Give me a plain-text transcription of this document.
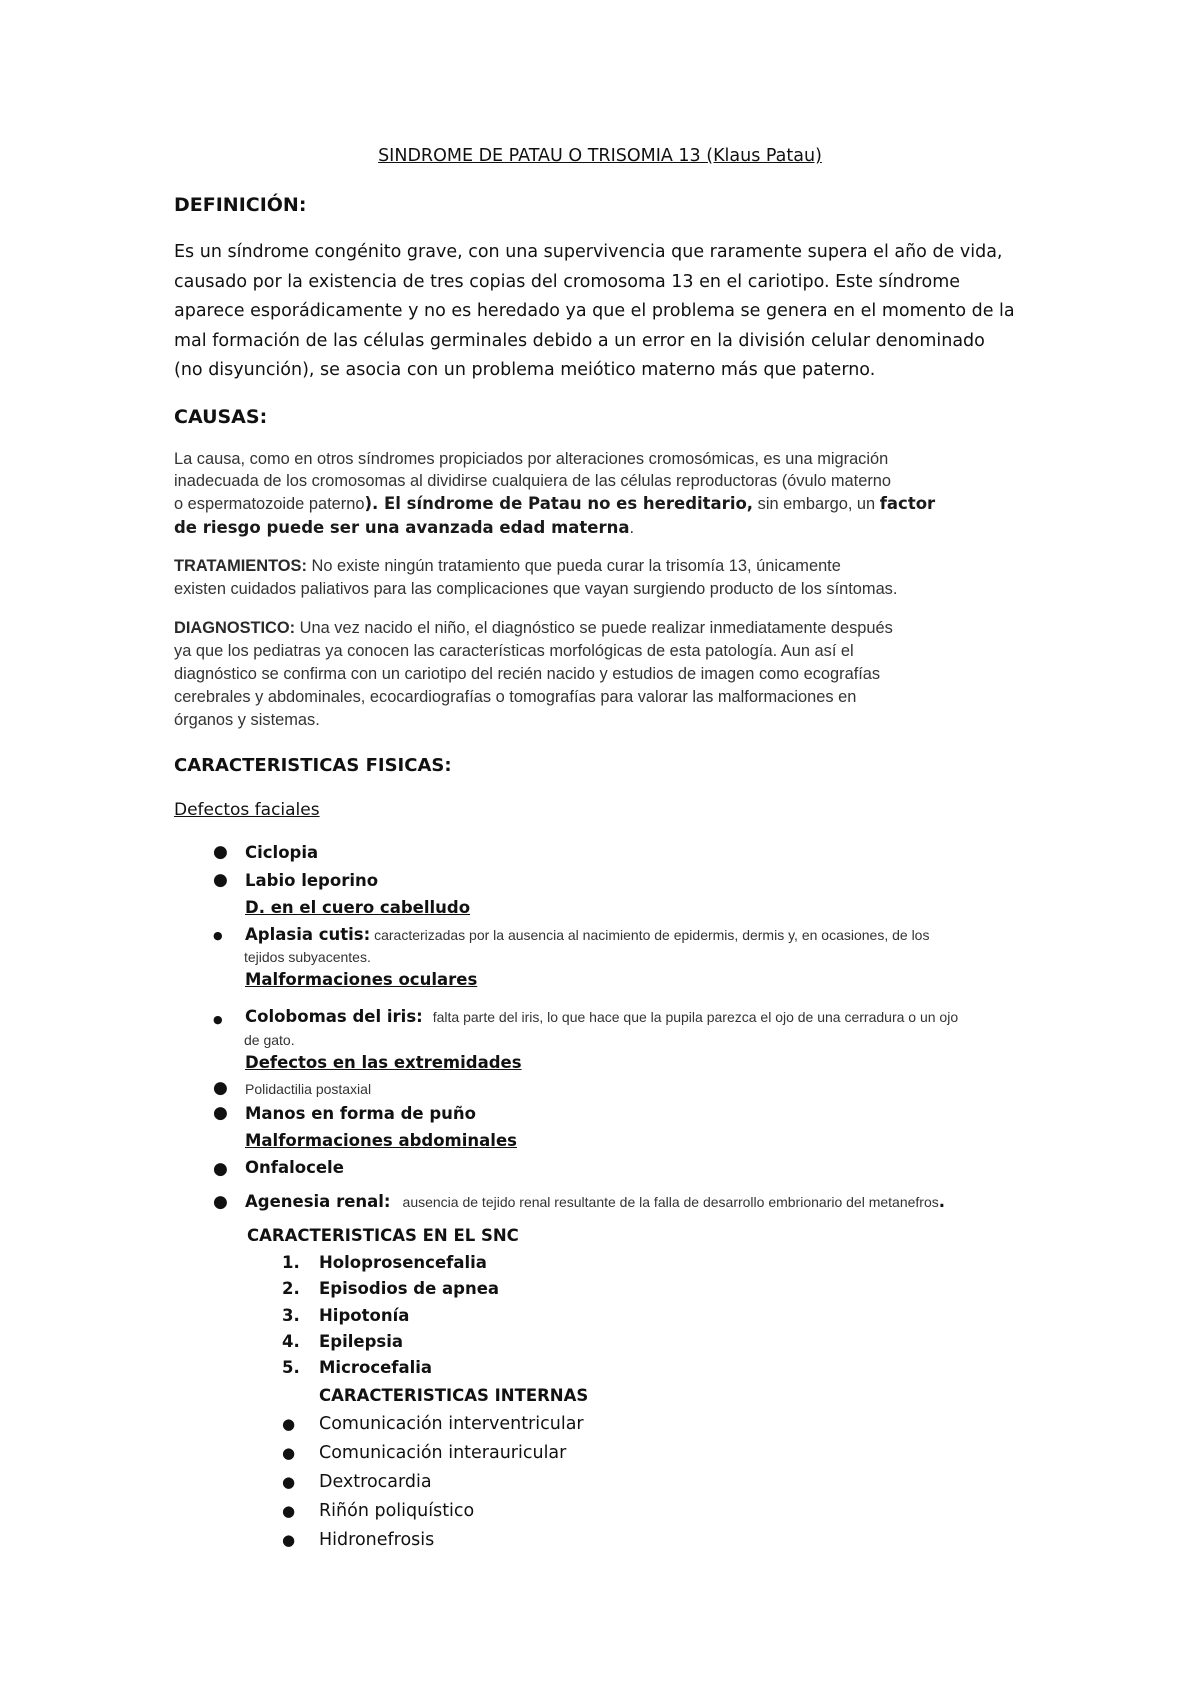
SINDROME DE PATAU O TRISOMIA 13 (Klaus Patau)
DEFINICIÓN:
Es un síndrome congénito grave, con una supervivencia que raramente supera el año de vida,
causado por la existencia de tres copias del cromosoma 13 en el cariotipo. Este síndrome
aparece esporádicamente y no es heredado ya que el problema se genera en el momento de la
mal formación de las células germinales debido a un error en la división celular denominado
(no disyunción), se asocia con un problema meiótico materno más que paterno.
CAUSAS:
La causa, como en otros síndromes propiciados por alteraciones cromosómicas, es una migración
inadecuada de los cromosomas al dividirse cualquiera de las células reproductoras (óvulo materno
o espermatozoide paterno). El síndrome de Patau no es hereditario, sin embargo, un factor
de riesgo puede ser una avanzada edad materna.
TRATAMIENTOS: No existe ningún tratamiento que pueda curar la trisomía 13, únicamente
existen cuidados paliativos para las complicaciones que vayan surgiendo producto de los síntomas.
DIAGNOSTICO: Una vez nacido el niño, el diagnóstico se puede realizar inmediatamente después
ya que los pediatras ya conocen las características morfológicas de esta patología. Aun así el
diagnóstico se confirma con un cariotipo del recién nacido y estudios de imagen como ecografías
cerebrales y abdominales, ecocardiografías o tomografías para valorar las malformaciones en
órganos y sistemas.
CARACTERISTICAS FISICAS:
Defectos faciales
● Ciclopia
● Labio leporino
D. en el cuero cabelludo
● Aplasia cutis: caracterizadas por la ausencia al nacimiento de epidermis, dermis y, en ocasiones, de los
tejidos subyacentes.
Malformaciones oculares
● Colobomas del iris: falta parte del iris, lo que hace que la pupila parezca el ojo de una cerradura o un ojo
de gato.
Defectos en las extremidades
● Polidactilia postaxial
● Manos en forma de puño
Malformaciones abdominales
● Onfalocele
● Agenesia renal: ausencia de tejido renal resultante de la falla de desarrollo embrionario del metanefros.
CARACTERISTICAS EN EL SNC
1. Holoprosencefalia
2. Episodios de apnea
3. Hipotonía
4. Epilepsia
5. Microcefalia
CARACTERISTICAS INTERNAS
● Comunicación interventricular
● Comunicación interauricular
● Dextrocardia
● Riñón poliquístico
● Hidronefrosis
